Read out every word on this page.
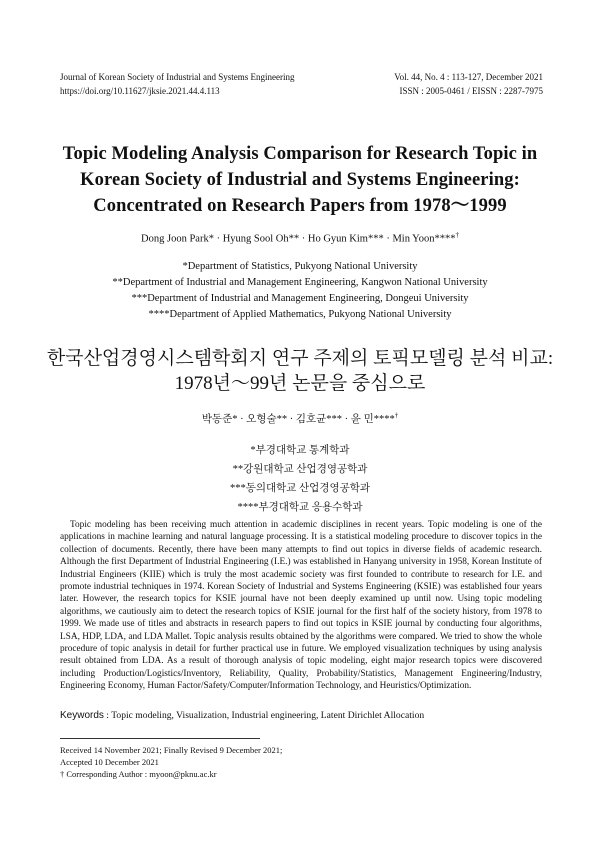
Journal of Korean Society of Industrial and Systems Engineering
https://doi.org/10.11627/jksie.2021.44.4.113
Vol. 44, No. 4 : 113-127, December 2021
ISSN : 2005-0461 / EISSN : 2287-7975
Topic Modeling Analysis Comparison for Research Topic in
Korean Society of Industrial and Systems Engineering:
Concentrated on Research Papers from 1978～1999
Dong Joon Park* · Hyung Sool Oh** · Ho Gyun Kim*** · Min Yoon****†
*Department of Statistics, Pukyong National University
**Department of Industrial and Management Engineering, Kangwon National University
***Department of Industrial and Management Engineering, Dongeui University
****Department of Applied Mathematics, Pukyong National University
한국산업경영시스템학회지 연구 주제의 토픽모델링 분석 비교:
1978년～99년 논문을 중심으로
박동준* · 오형술** · 김호균*** · 윤 민****†
*부경대학교 통계학과
**강원대학교 산업경영공학과
***동의대학교 산업경영공학과
****부경대학교 응용수학과

Topic modeling has been receiving much attention in academic disciplines in recent years. Topic modeling is one of the applications in machine learning and natural language processing. It is a statistical modeling procedure to discover topics in the collection of documents. Recently, there have been many attempts to find out topics in diverse fields of academic research. Although the first Department of Industrial Engineering (I.E.) was established in Hanyang university in 1958, Korean Institute of Industrial Engineers (KIIE) which is truly the most academic society was first founded to contribute to research for I.E. and promote industrial techniques in 1974. Korean Society of Industrial and Systems Engineering (KSIE) was established four years later. However, the research topics for KSIE journal have not been deeply examined up until now. Using topic modeling algorithms, we cautiously aim to detect the research topics of KSIE journal for the first half of the society history, from 1978 to 1999. We made use of titles and abstracts in research papers to find out topics in KSIE journal by conducting four algorithms, LSA, HDP, LDA, and LDA Mallet. Topic analysis results obtained by the algorithms were compared. We tried to show the whole procedure of topic analysis in detail for further practical use in future. We employed visualization techniques by using analysis result obtained from LDA. As a result of thorough analysis of topic modeling, eight major research topics were discovered including Production/Logistics/Inventory, Reliability, Quality, Probability/Statistics, Management Engineering/Industry, Engineering Economy, Human Factor/Safety/Computer/Information Technology, and Heuristics/Optimization.

Keywords : Topic modeling, Visualization, Industrial engineering, Latent Dirichlet Allocation
Received 14 November 2021; Finally Revised 9 December 2021;
Accepted 10 December 2021
† Corresponding Author : myoon@pknu.ac.kr
